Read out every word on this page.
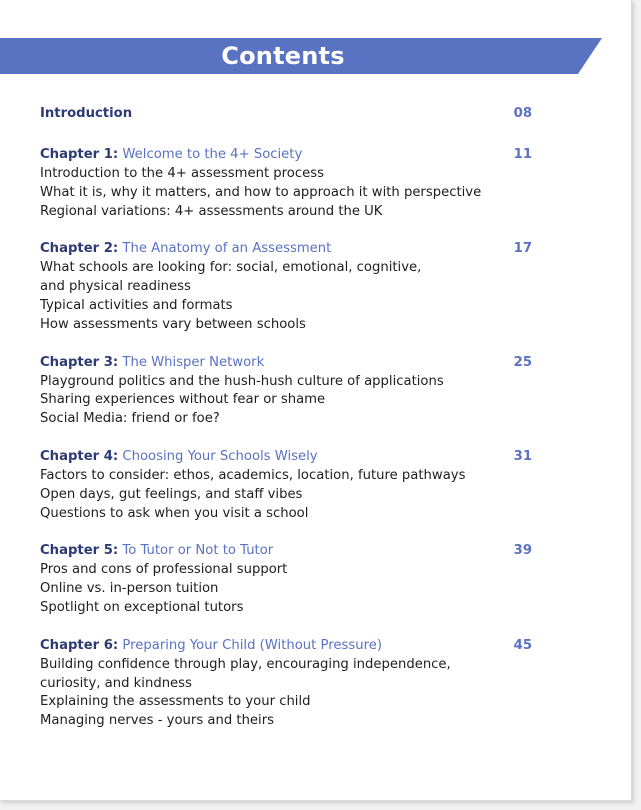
Contents
Introduction	08
Chapter 1: Welcome to the 4+ Society	11
Introduction to the 4+ assessment process
What it is, why it matters, and how to approach it with perspective
Regional variations: 4+ assessments around the UK
Chapter 2: The Anatomy of an Assessment	17
What schools are looking for: social, emotional, cognitive,
and physical readiness
Typical activities and formats
How assessments vary between schools
Chapter 3: The Whisper Network	25
Playground politics and the hush-hush culture of applications
Sharing experiences without fear or shame
Social Media: friend or foe?
Chapter 4: Choosing Your Schools Wisely	31
Factors to consider: ethos, academics, location, future pathways
Open days, gut feelings, and staff vibes
Questions to ask when you visit a school
Chapter 5: To Tutor or Not to Tutor	39
Pros and cons of professional support
Online vs. in-person tuition
Spotlight on exceptional tutors
Chapter 6: Preparing Your Child (Without Pressure)	45
Building confidence through play, encouraging independence,
curiosity, and kindness
Explaining the assessments to your child
Managing nerves - yours and theirs
